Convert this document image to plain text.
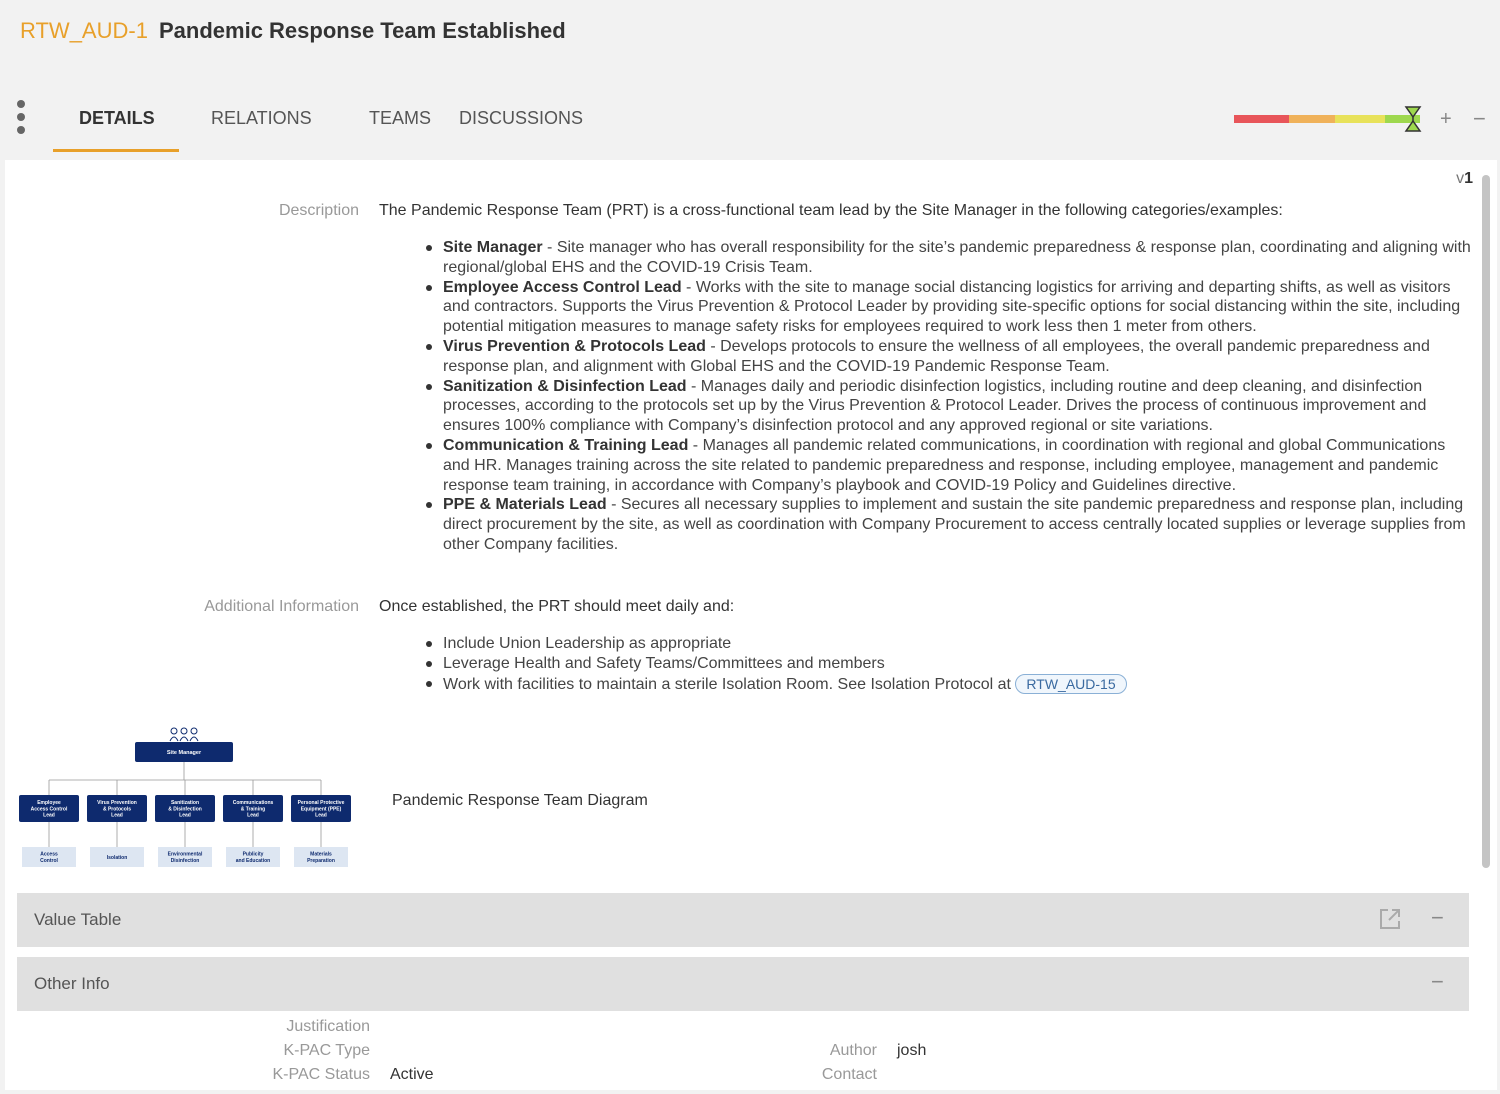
RTW_AUD-1 Pandemic Response Team Established
DETAILS	RELATIONS	TEAMS	DISCUSSIONS	+ −
v1
Description The Pandemic Response Team (PRT) is a cross-functional team lead by the Site Manager in the following categories/examples:
Site Manager - Site manager who has overall responsibility for the site’s pandemic preparedness & response plan, coordinating and aligning with regional/global EHS and the COVID-19 Crisis Team.
Employee Access Control Lead - Works with the site to manage social distancing logistics for arriving and departing shifts, as well as visitors and contractors. Supports the Virus Prevention & Protocol Leader by providing site-specific options for social distancing within the site, including potential mitigation measures to manage safety risks for employees required to work less then 1 meter from others.
Virus Prevention & Protocols Lead - Develops protocols to ensure the wellness of all employees, the overall pandemic preparedness and response plan, and alignment with Global EHS and the COVID-19 Pandemic Response Team.
Sanitization & Disinfection Lead - Manages daily and periodic disinfection logistics, including routine and deep cleaning, and disinfection processes, according to the protocols set up by the Virus Prevention & Protocol Leader. Drives the process of continuous improvement and ensures 100% compliance with Company’s disinfection protocol and any approved regional or site variations.
Communication & Training Lead - Manages all pandemic related communications, in coordination with regional and global Communications and HR. Manages training across the site related to pandemic preparedness and response, including employee, management and pandemic response team training, in accordance with Company’s playbook and COVID-19 Policy and Guidelines directive.
PPE & Materials Lead - Secures all necessary supplies to implement and sustain the site pandemic preparedness and response plan, including direct procurement by the site, as well as coordination with Company Procurement to access centrally located supplies or leverage supplies from other Company facilities.
Additional Information Once established, the PRT should meet daily and:
Include Union Leadership as appropriate
Leverage Health and Safety Teams/Committees and members
Work with facilities to maintain a sterile Isolation Room. See Isolation Protocol at RTW_AUD-15
Site Manager
Employee Access Control Lead
Access Control
Virus Prevention & Protocols Lead
Isolation
Sanitization & Disinfection Lead
Environmental Disinfection
Communications & Training Lead
Publicity and Education
Personal Protective Equipment (PPE) Lead
Materials Preparation
Pandemic Response Team Diagram
Value Table	−
Other Info	−
Justification
K-PAC Type
K-PAC Status Active
Author josh
Contact
